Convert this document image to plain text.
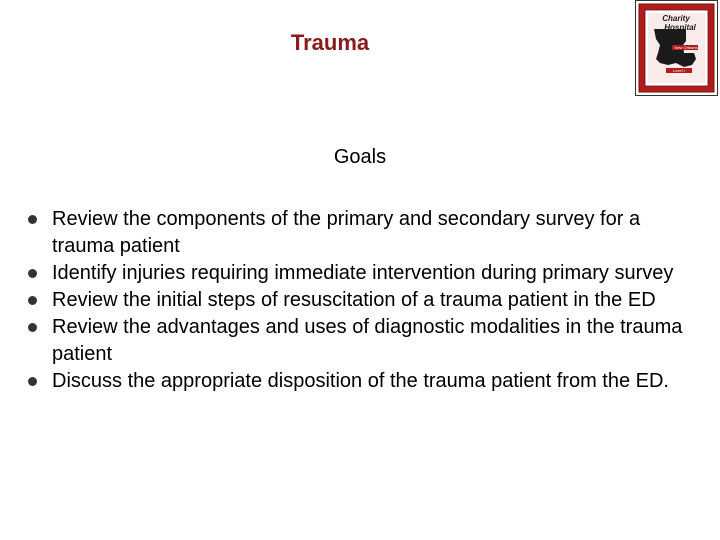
Trauma
Charity
Hospital
New Orleans
Level I
Goals
Review the components of the primary and secondary survey for a trauma patient
Identify injuries requiring immediate intervention during primary survey
Review the initial steps of resuscitation of a trauma patient in the ED
Review the advantages and uses of diagnostic modalities in the trauma patient
Discuss the appropriate disposition of the trauma patient from the ED.
